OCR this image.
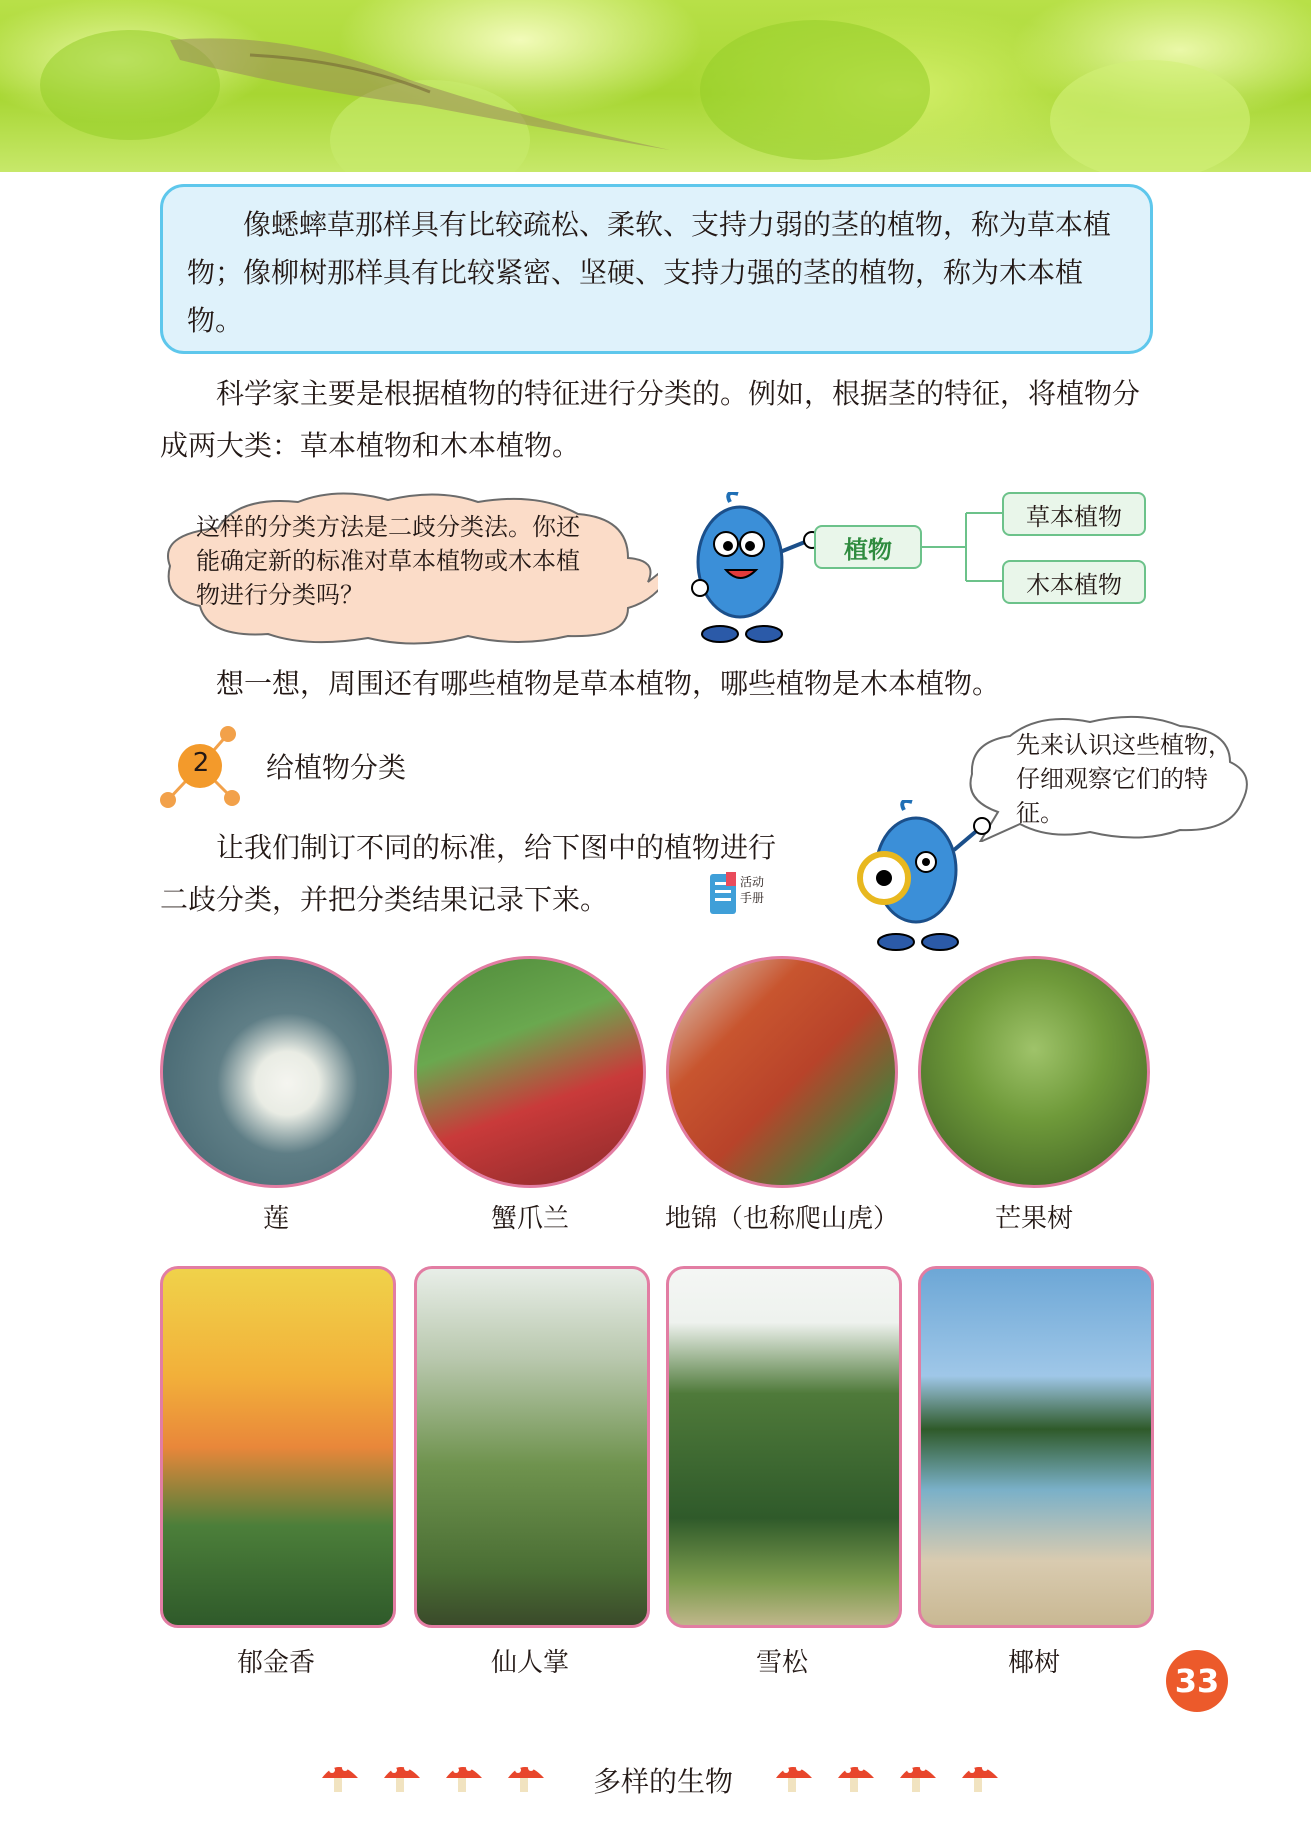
像蟋蟀草那样具有比较疏松、柔软、支持力弱的茎的植物，称为草本植物；像柳树那样具有比较紧密、坚硬、支持力强的茎的植物，称为木本植物。

科学家主要是根据植物的特征进行分类的。例如，根据茎的特征，将植物分成两大类：草本植物和木本植物。

这样的分类方法是二歧分类法。你还能确定新的标准对草本植物或木本植物进行分类吗？
植物
草本植物
木本植物

想一想，周围还有哪些植物是草本植物，哪些植物是木本植物。

2	给植物分类

让我们制订不同的标准，给下图中的植物进行二歧分类，并把分类结果记录下来。

活动
手册
先来认识这些植物，仔细观察它们的特征。
莲	蟹爪兰	地锦（也称爬山虎）	芒果树
郁金香	仙人掌	雪松	椰树	33
多样的生物
